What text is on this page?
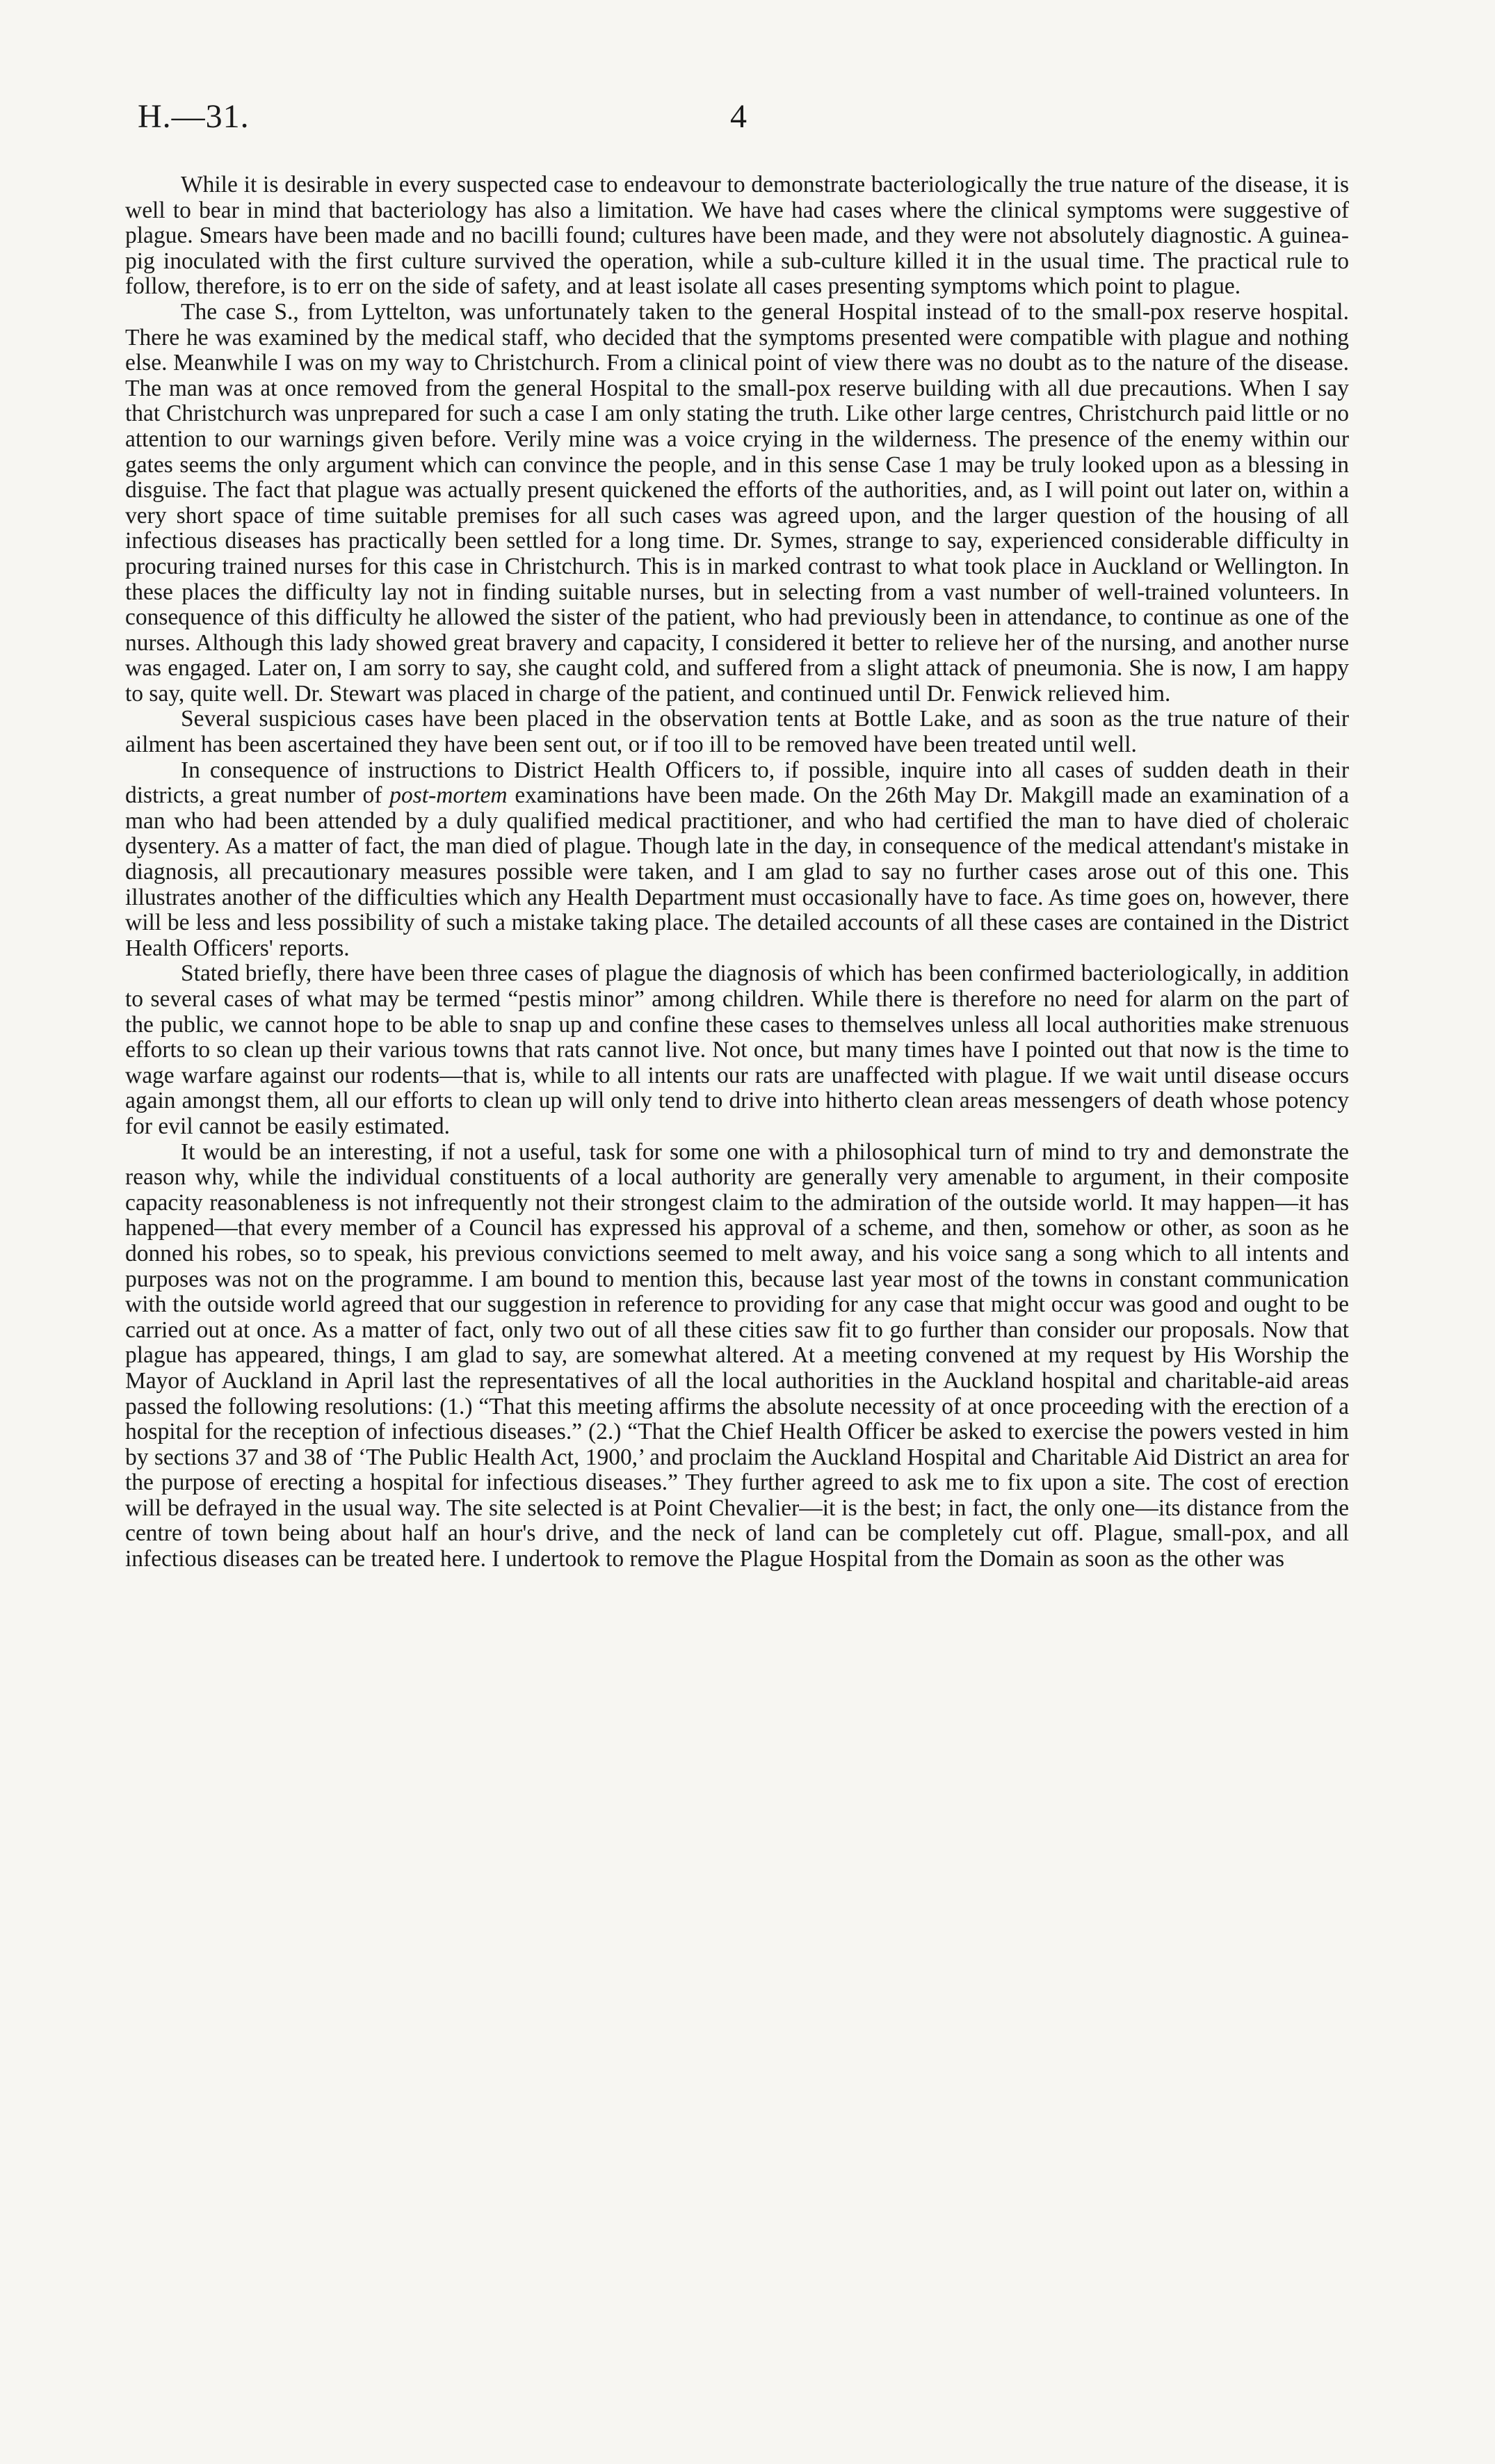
H.—31.	4

While it is desirable in every suspected case to endeavour to demonstrate bacteriologically the true nature of the disease, it is well to bear in mind that bacteriology has also a limitation. We have had cases where the clinical symptoms were suggestive of plague. Smears have been made and no bacilli found; cultures have been made, and they were not absolutely diagnostic. A guinea-pig inoculated with the first culture survived the operation, while a sub-culture killed it in the usual time. The practical rule to follow, therefore, is to err on the side of safety, and at least isolate all cases presenting symptoms which point to plague.

The case S., from Lyttelton, was unfortunately taken to the general Hospital instead of to the small-pox reserve hospital. There he was examined by the medical staff, who decided that the symptoms presented were compatible with plague and nothing else. Meanwhile I was on my way to Christchurch. From a clinical point of view there was no doubt as to the nature of the disease. The man was at once removed from the general Hospital to the small-pox reserve building with all due precautions. When I say that Christchurch was unprepared for such a case I am only stating the truth. Like other large centres, Christchurch paid little or no attention to our warnings given before. Verily mine was a voice crying in the wilderness. The presence of the enemy within our gates seems the only argument which can convince the people, and in this sense Case 1 may be truly looked upon as a blessing in disguise. The fact that plague was actually present quickened the efforts of the authorities, and, as I will point out later on, within a very short space of time suitable premises for all such cases was agreed upon, and the larger question of the housing of all infectious diseases has practically been settled for a long time. Dr. Symes, strange to say, experienced considerable difficulty in procuring trained nurses for this case in Christchurch. This is in marked contrast to what took place in Auckland or Wellington. In these places the difficulty lay not in finding suitable nurses, but in selecting from a vast number of well-trained volunteers. In consequence of this difficulty he allowed the sister of the patient, who had previously been in attendance, to continue as one of the nurses. Although this lady showed great bravery and capacity, I considered it better to relieve her of the nursing, and another nurse was engaged. Later on, I am sorry to say, she caught cold, and suffered from a slight attack of pneumonia. She is now, I am happy to say, quite well. Dr. Stewart was placed in charge of the patient, and continued until Dr. Fenwick relieved him.

Several suspicious cases have been placed in the observation tents at Bottle Lake, and as soon as the true nature of their ailment has been ascertained they have been sent out, or if too ill to be removed have been treated until well.

In consequence of instructions to District Health Officers to, if possible, inquire into all cases of sudden death in their districts, a great number of post-mortem examinations have been made. On the 26th May Dr. Makgill made an examination of a man who had been attended by a duly qualified medical practitioner, and who had certified the man to have died of choleraic dysentery. As a matter of fact, the man died of plague. Though late in the day, in consequence of the medical attendant's mistake in diagnosis, all precautionary measures possible were taken, and I am glad to say no further cases arose out of this one. This illustrates another of the difficulties which any Health Department must occasionally have to face. As time goes on, however, there will be less and less possibility of such a mistake taking place. The detailed accounts of all these cases are contained in the District Health Officers' reports.

Stated briefly, there have been three cases of plague the diagnosis of which has been confirmed bacteriologically, in addition to several cases of what may be termed “pestis minor” among children. While there is therefore no need for alarm on the part of the public, we cannot hope to be able to snap up and confine these cases to themselves unless all local authorities make strenuous efforts to so clean up their various towns that rats cannot live. Not once, but many times have I pointed out that now is the time to wage warfare against our rodents—that is, while to all intents our rats are unaffected with plague. If we wait until disease occurs again amongst them, all our efforts to clean up will only tend to drive into hitherto clean areas messengers of death whose potency for evil cannot be easily estimated.

It would be an interesting, if not a useful, task for some one with a philosophical turn of mind to try and demonstrate the reason why, while the individual constituents of a local authority are generally very amenable to argument, in their composite capacity reasonableness is not infrequently not their strongest claim to the admiration of the outside world. It may happen—it has happened—that every member of a Council has expressed his approval of a scheme, and then, somehow or other, as soon as he donned his robes, so to speak, his previous convictions seemed to melt away, and his voice sang a song which to all intents and purposes was not on the programme. I am bound to mention this, because last year most of the towns in constant communication with the outside world agreed that our suggestion in reference to providing for any case that might occur was good and ought to be carried out at once. As a matter of fact, only two out of all these cities saw fit to go further than consider our proposals. Now that plague has appeared, things, I am glad to say, are somewhat altered. At a meeting convened at my request by His Worship the Mayor of Auckland in April last the representatives of all the local authorities in the Auckland hospital and charitable-aid areas passed the following resolutions: (1.) “That this meeting affirms the absolute necessity of at once proceeding with the erection of a hospital for the reception of infectious diseases.” (2.) “That the Chief Health Officer be asked to exercise the powers vested in him by sections 37 and 38 of ‘The Public Health Act, 1900,’ and proclaim the Auckland Hospital and Charitable Aid District an area for the purpose of erecting a hospital for infectious diseases.” They further agreed to ask me to fix upon a site. The cost of erection will be defrayed in the usual way. The site selected is at Point Chevalier—it is the best; in fact, the only one—its distance from the centre of town being about half an hour's drive, and the neck of land can be completely cut off. Plague, small-pox, and all infectious diseases can be treated here. I undertook to remove the Plague Hospital from the Domain as soon as the other was
